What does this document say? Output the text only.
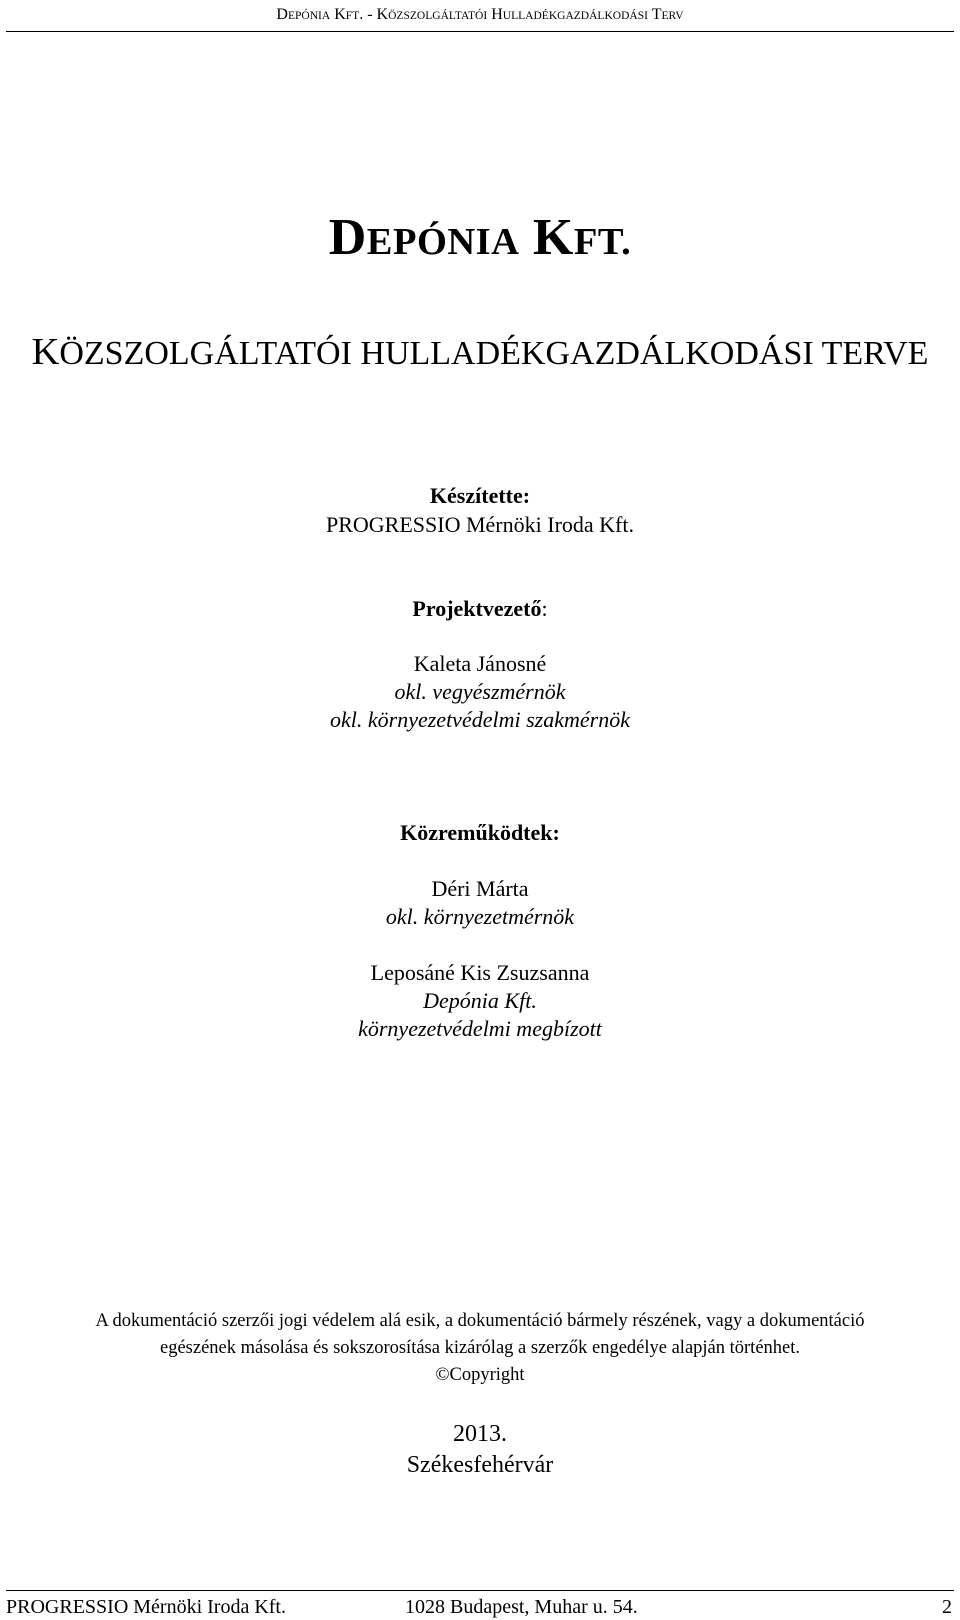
DEPÓNIA KFT. - KÖZSZOLGÁLTATÓI HULLADÉKGAZDÁLKODÁSI TERV
DEPÓNIA KFT.
KÖZSZOLGÁLTATÓI HULLADÉKGAZDÁLKODÁSI TERVE
Készítette:
PROGRESSIO Mérnöki Iroda Kft.
Projektvezető:
Kaleta Jánosné
okl. vegyészmérnök
okl. környezetvédelmi szakmérnök
Közreműködtek:
Déri Márta
okl. környezetmérnök
Leposáné Kis Zsuzsanna
Depónia Kft.
környezetvédelmi megbízott
A dokumentáció szerzői jogi védelem alá esik, a dokumentáció bármely részének, vagy a dokumentáció
egészének másolása és sokszorosítása kizárólag a szerzők engedélye alapján történhet.
©Copyright
2013.
Székesfehérvár
PROGRESSIO Mérnöki Iroda Kft.	1028 Budapest, Muhar u. 54.	2
